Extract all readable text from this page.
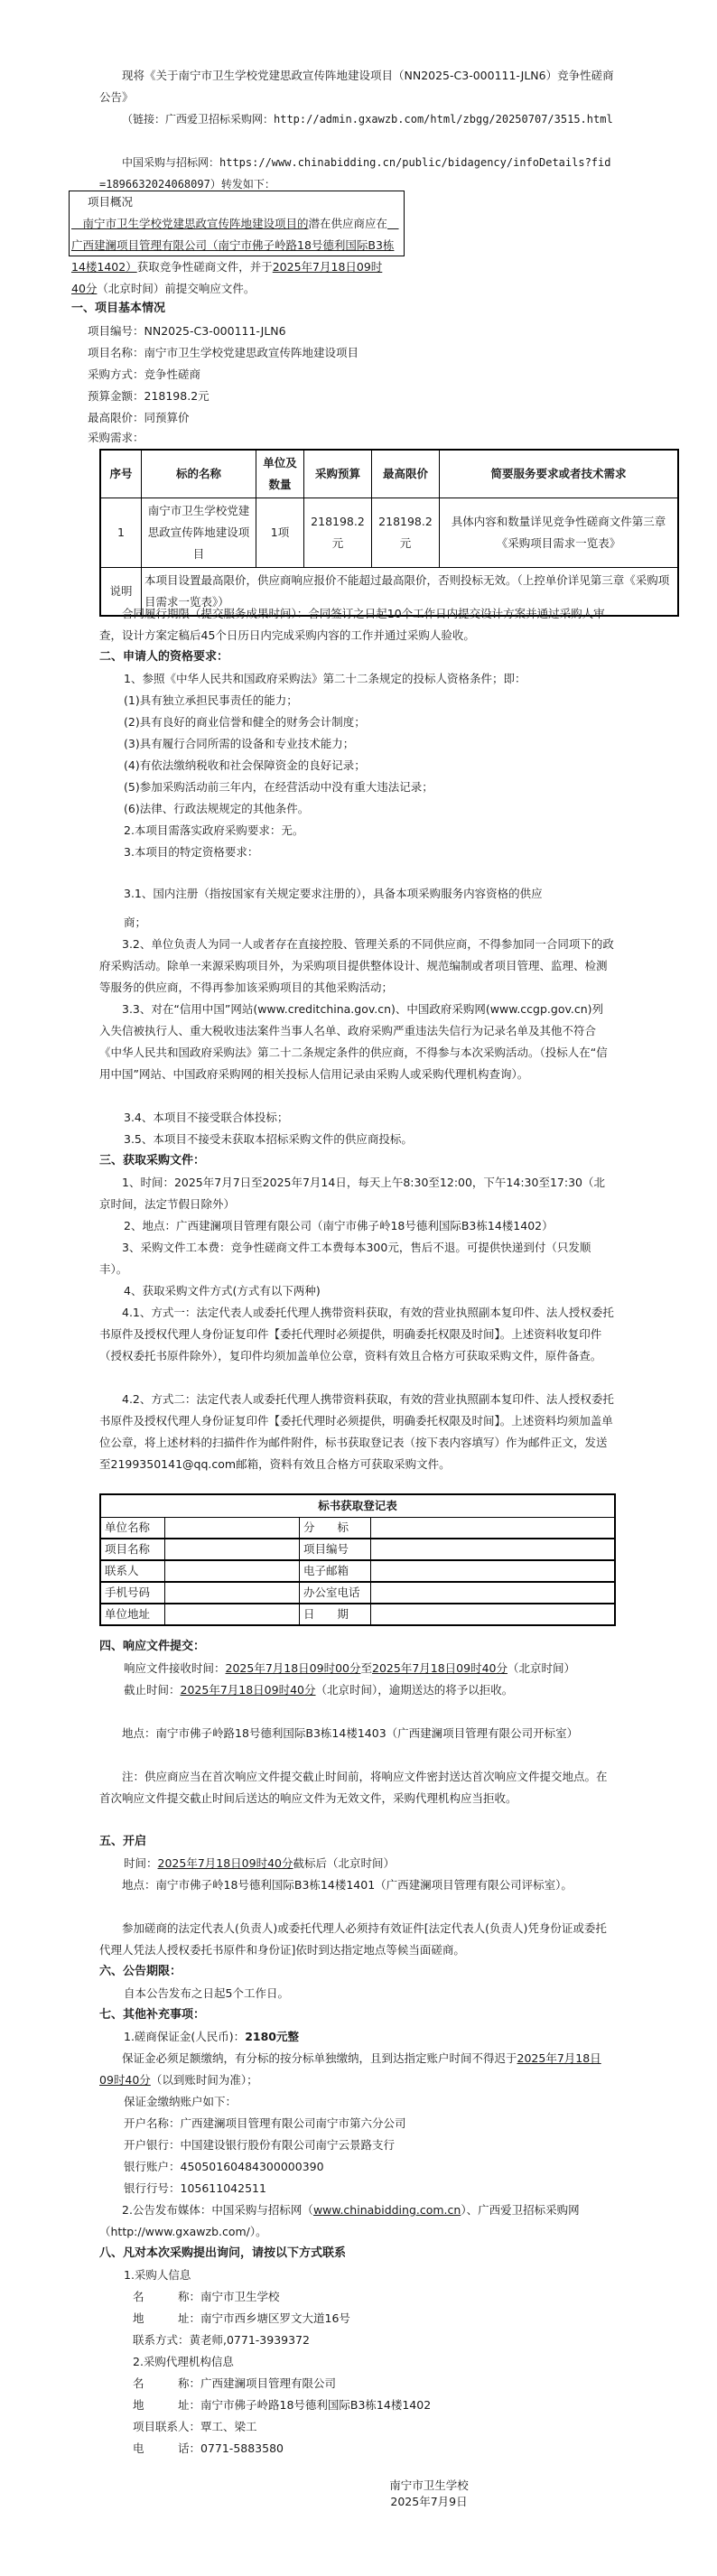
现将《关于南宁市卫生学校党建思政宣传阵地建设项目（NN2025-C3-000111-JLN6）竞争性磋商公告》
（链接：广西爱卫招标采购网：http://admin.gxawzb.com/html/zbgg/20250707/3515.html
中国采购与招标网：https://www.chinabidding.cn/public/bidagency/infoDetails?fid=1896632024068097）转发如下：
项目概况
　南宁市卫生学校党建思政宣传阵地建设项目的潜在供应商应在　广西建澜项目管理有限公司（南宁市佛子岭路18号德利国际B3栋14楼1402）获取竞争性磋商文件，并于2025年7月18日09时40分（北京时间）前提交响应文件。
一、项目基本情况
项目编号：NN2025-C3-000111-JLN6
项目名称：南宁市卫生学校党建思政宣传阵地建设项目
采购方式：竞争性磋商
预算金额：218198.2元
最高限价：同预算价
采购需求：
序号	标的名称	单位及数量	采购预算	最高限价	简要服务要求或者技术需求
1	南宁市卫生学校党建思政宣传阵地建设项目	1项	218198.2元	218198.2元	具体内容和数量详见竞争性磋商文件第三章《采购项目需求一览表》
说明	本项目设置最高限价，供应商响应报价不能超过最高限价，否则投标无效。（上控单价详见第三章《采购项目需求一览表》）				
合同履行期限（提交服务成果时间）：合同签订之日起10个工作日内提交设计方案并通过采购人审查，设计方案定稿后45个日历日内完成采购内容的工作并通过采购人验收。
二、申请人的资格要求：
1、参照《中华人民共和国政府采购法》第二十二条规定的投标人资格条件；即：
(1)具有独立承担民事责任的能力；
(2)具有良好的商业信誉和健全的财务会计制度；
(3)具有履行合同所需的设备和专业技术能力；
(4)有依法缴纳税收和社会保障资金的良好记录；
(5)参加采购活动前三年内，在经营活动中没有重大违法记录；
(6)法律、行政法规规定的其他条件。
2.本项目需落实政府采购要求：无。
3.本项目的特定资格要求：
3.1、国内注册（指按国家有关规定要求注册的），具备本项采购服务内容资格的供应
商；
3.2、单位负责人为同一人或者存在直接控股、管理关系的不同供应商，不得参加同一合同项下的政府采购活动。除单一来源采购项目外，为采购项目提供整体设计、规范编制或者项目管理、监理、检测等服务的供应商，不得再参加该采购项目的其他采购活动；
3.3、对在“信用中国”网站(www.creditchina.gov.cn)、中国政府采购网(www.ccgp.gov.cn)列入失信被执行人、重大税收违法案件当事人名单、政府采购严重违法失信行为记录名单及其他不符合《中华人民共和国政府采购法》第二十二条规定条件的供应商，不得参与本次采购活动。（投标人在“信用中国”网站、中国政府采购网的相关投标人信用记录由采购人或采购代理机构查询）。
3.4、本项目不接受联合体投标；
3.5、本项目不接受未获取本招标采购文件的供应商投标。
三、获取采购文件：
1、时间：2025年7月7日至2025年7月14日，每天上午8:30至12:00，下午14:30至17:30（北京时间，法定节假日除外）
2、地点：广西建澜项目管理有限公司（南宁市佛子岭18号德利国际B3栋14楼1402）
3、采购文件工本费：竞争性磋商文件工本费每本300元，售后不退。可提供快递到付（只发顺丰）。
4、获取采购文件方式(方式有以下两种)
4.1、方式一：法定代表人或委托代理人携带资料获取，有效的营业执照副本复印件、法人授权委托书原件及授权代理人身份证复印件【委托代理时必须提供，明确委托权限及时间】。上述资料收复印件（授权委托书原件除外），复印件均须加盖单位公章，资料有效且合格方可获取采购文件，原件备查。
4.2、方式二：法定代表人或委托代理人携带资料获取，有效的营业执照副本复印件、法人授权委托书原件及授权代理人身份证复印件【委托代理时必须提供，明确委托权限及时间】。上述资料均须加盖单位公章，将上述材料的扫描件作为邮件附件，标书获取登记表（按下表内容填写）作为邮件正文，发送至2199350141@qq.com邮箱，资料有效且合格方可获取采购文件。
标书获取登记表			
单位名称		分　　标	
项目名称		项目编号	
联系人		电子邮箱	
手机号码		办公室电话	
单位地址		日　　期	
四、响应文件提交：
响应文件接收时间：2025年7月18日09时00分至2025年7月18日09时40分（北京时间）
截止时间：2025年7月18日09时40分（北京时间），逾期送达的将予以拒收。
地点：南宁市佛子岭路18号德利国际B3栋14楼1403（广西建澜项目管理有限公司开标室）
注：供应商应当在首次响应文件提交截止时间前，将响应文件密封送达首次响应文件提交地点。在首次响应文件提交截止时间后送达的响应文件为无效文件，采购代理机构应当拒收。
五、开启
时间：2025年7月18日09时40分截标后（北京时间）
地点：南宁市佛子岭18号德利国际B3栋14楼1401（广西建澜项目管理有限公司评标室）。
参加磋商的法定代表人(负责人)或委托代理人必须持有效证件[法定代表人(负责人)凭身份证或委托代理人凭法人授权委托书原件和身份证]依时到达指定地点等候当面磋商。
六、公告期限：
自本公告发布之日起5个工作日。
七、其他补充事项：
1.磋商保证金(人民币)：2180元整
保证金必须足额缴纳，有分标的按分标单独缴纳，且到达指定账户时间不得迟于2025年7月18日09时40分（以到账时间为准）；
保证金缴纳账户如下：
开户名称：广西建澜项目管理有限公司南宁市第六分公司
开户银行：中国建设银行股份有限公司南宁云景路支行
银行账户：45050160484300000390
银行行号：105611042511
2.公告发布媒体：中国采购与招标网（www.chinabidding.com.cn）、广西爱卫招标采购网（http://www.gxawzb.com/）。
八、凡对本次采购提出询问，请按以下方式联系
1.采购人信息
名　　　称：南宁市卫生学校
地　　　址：南宁市西乡塘区罗文大道16号
联系方式：黄老师,0771-3939372
2.采购代理机构信息
名　　　称：广西建澜项目管理有限公司
地　　　址：南宁市佛子岭路18号德利国际B3栋14楼1402
项目联系人：覃工、梁工
电　　　话：0771-5883580
南宁市卫生学校
2025年7月9日
